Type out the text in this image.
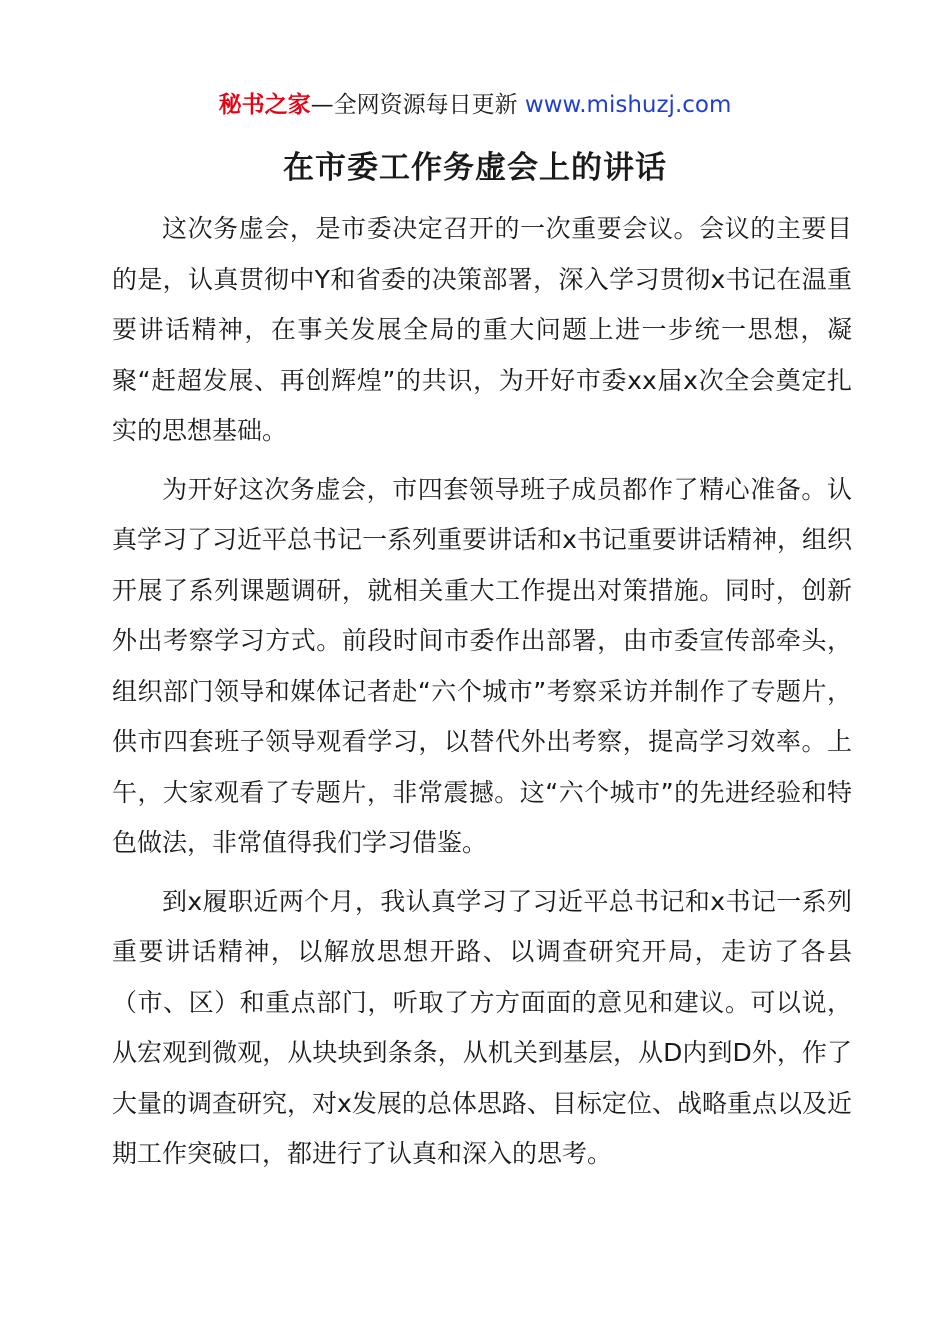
秘书之家—全网资源每日更新 www.mishuzj.com
在市委工作务虚会上的讲话

这次务虚会，是市委决定召开的一次重要会议。会议的主要目的是，认真贯彻中Y和省委的决策部署，深入学习贯彻x书记在温重要讲话精神，在事关发展全局的重大问题上进一步统一思想，凝聚“赶超发展、再创辉煌”的共识，为开好市委xx届x次全会奠定扎实的思想基础。

为开好这次务虚会，市四套领导班子成员都作了精心准备。认真学习了习近平总书记一系列重要讲话和x书记重要讲话精神，组织开展了系列课题调研，就相关重大工作提出对策措施。同时，创新外出考察学习方式。前段时间市委作出部署，由市委宣传部牵头，组织部门领导和媒体记者赴“六个城市”考察采访并制作了专题片，供市四套班子领导观看学习，以替代外出考察，提高学习效率。上午，大家观看了专题片，非常震撼。这“六个城市”的先进经验和特色做法，非常值得我们学习借鉴。

到x履职近两个月，我认真学习了习近平总书记和x书记一系列重要讲话精神，以解放思想开路、以调查研究开局，走访了各县（市、区）和重点部门，听取了方方面面的意见和建议。可以说，从宏观到微观，从块块到条条，从机关到基层，从D内到D外，作了大量的调查研究，对x发展的总体思路、目标定位、战略重点以及近期工作突破口，都进行了认真和深入的思考。
